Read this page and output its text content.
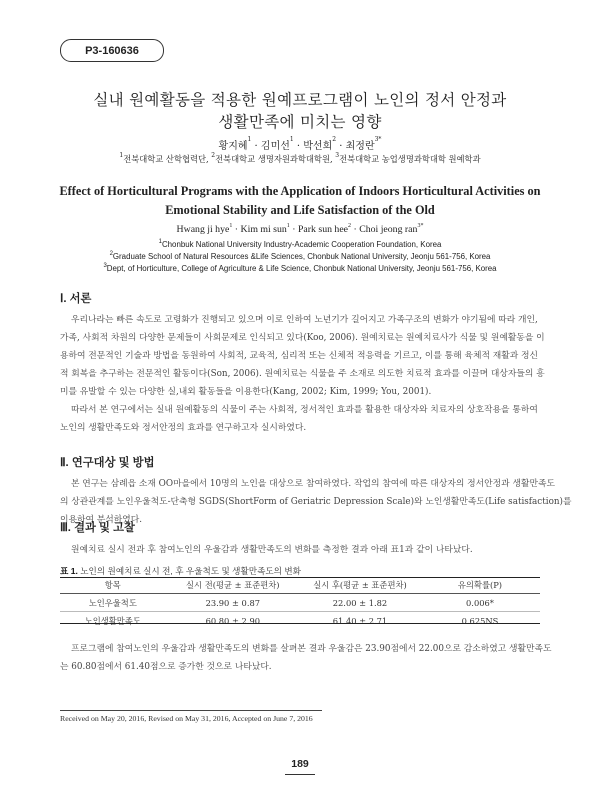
P3-160636
실내 원예활동을 적용한 원예프로그램이 노인의 정서 안정과
생활만족에 미치는 영향
황지혜$^1$ · 김미선$^1$ · 박선희$^2$ · 최정란$^{3*}$
$^1$전북대학교 산학협력단, $^2$전북대학교 생명자원과학대학원, $^3$전북대학교 농업생명과학대학 원예학과
Effect of Horticultural Programs with the Application of Indoors Horticultural Activities on
Emotional Stability and Life Satisfaction of the Old
Hwang ji hye$^1$ · Kim mi sun$^1$ · Park sun hee$^2$ · Choi jeong ran$^{3*}$
$^1$Chonbuk National University Industry-Academic Cooperation Foundation, Korea
$^2$Graduate School of Natural Resources &Life Sciences, Chonbuk National University, Jeonju 561-756, Korea
$^3$Dept, of Horticulture, College of Agriculture & Life Science, Chonbuk National University, Jeonju 561-756, Korea
Ⅰ. 서론
우리나라는 빠른 속도로 고령화가 진행되고 있으며 이로 인하여 노년기가 길어지고 가족구조의 변화가 야기됨에 따라 개인,
가족, 사회적 차원의 다양한 문제들이 사회문제로 인식되고 있다(Koo, 2006). 원예치료는 원예치료사가 식물 및 원예활동을 이
용하여 전문적인 기술과 방법을 동원하여 사회적, 교육적, 심리적 또는 신체적 적응력을 기르고, 이를 통해 육체적 재활과 정신
적 회복을 추구하는 전문적인 활동이다(Son, 2006). 원예치료는 식물을 주 소재로 의도한 치료적 효과를 이끌며 대상자들의 흥
미를 유발할 수 있는 다양한 실,내외 활동들을 이용한다(Kang, 2002; Kim, 1999; You, 2001).
따라서 본 연구에서는 실내 원예활동의 식물이 주는 사회적, 정서적인 효과를 활용한 대상자와 치료자의 상호작용을 통하여
노인의 생활만족도와 정서안정의 효과를 연구하고자 실시하였다.
Ⅱ. 연구대상 및 방법
본 연구는 삼례읍 소재 OO마을에서 10명의 노인을 대상으로 참여하였다. 작업의 참여에 따른 대상자의 정서안정과 생활만족도
의 상관관계를 노인우울척도-단축형 SGDS(ShortForm of Geriatric Depression Scale)와 노인생활만족도(Life satisfaction)를
이용하여 분석하였다.
Ⅲ. 결과 및 고찰
원예치료 실시 전과 후 참여노인의 우울감과 생활만족도의 변화를 측정한 결과 아래 표1과 같이 나타났다.
표 1. 노인의 원예치료 실시 전, 후 우울척도 및 생활만족도의 변화
항목	실시 전(평균 ± 표준편차)	실시 후(평균 ± 표준편차)	유의확률(P)
노인우울척도	23.90 ± 0.87	22.00 ± 1.82	0.006*
노인생활만족도	60.80 ± 2.90	61.40 ± 2.71	0.625NS
프로그램에 참여노인의 우울감과 생활만족도의 변화를 살펴본 결과 우울감은 23.90점에서 22.00으로 감소하였고 생활만족도
는 60.80점에서 61.40점으로 증가한 것으로 나타났다.
Received on May 20, 2016, Revised on May 31, 2016, Accepted on June 7, 2016
189
